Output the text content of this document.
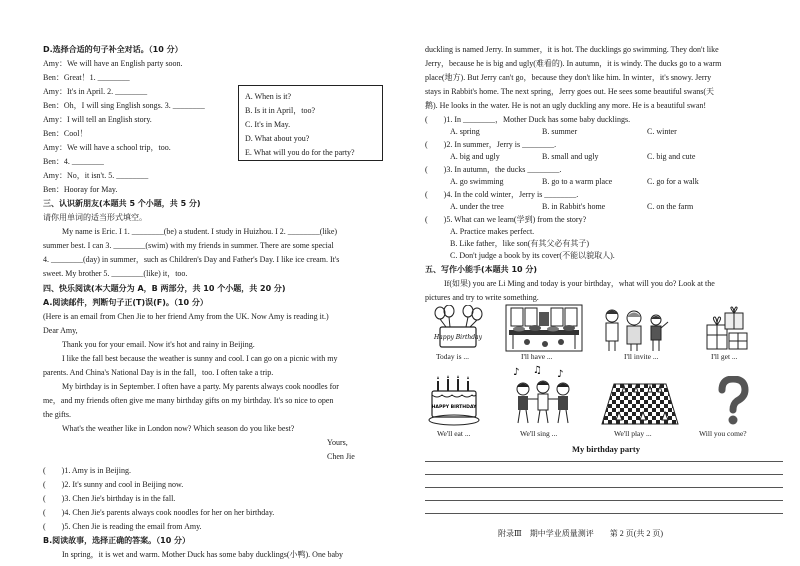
D.选择合适的句子补全对话。（10 分）
Amy：We will have an English party soon.
Ben：Great！1. ________
Amy：It's in April. 2. ________
Ben：Oh，I will sing English songs. 3. ________
Amy：I will tell an English story.
Ben：Cool！
Amy：We will have a school trip，too.
Ben：4. ________
Amy：No，it isn't. 5. ________
Ben：Hooray for May.
A. When is it?
B. Is it in April，too?
C. It's in May.
D. What about you?
E. What will you do for the party?
三、认识新朋友(本题共 5 个小题，共 5 分)
请你用单词的适当形式填空。
My name is Eric. I 1. ________(be) a student. I study in Huizhou. I 2. ________(like)
summer best. I can 3. ________(swim) with my friends in summer. There are some special
4. ________(day) in summer，such as Children's Day and Father's Day. I like ice cream. It's
sweet. My brother 5. ________(like) it，too.
四、快乐阅读(本大题分为 A，B 两部分，共 10 个小题，共 20 分)
A.阅读邮件，判断句子正(T)误(F)。（10 分）
(Here is an email from Chen Jie to her friend Amy from the UK. Now Amy is reading it.)
Dear Amy,
Thank you for your email. Now it's hot and rainy in Beijing.
I like the fall best because the weather is sunny and cool. I can go on a picnic with my
parents. And China's National Day is in the fall，too. I often take a trip.
My birthday is in September. I often have a party. My parents always cook noodles for
me，and my friends often give me many birthday gifts on my birthday. It's so nice to open
the gifts.
What's the weather like in London now? Which season do you like best?
Yours,
Chen Jie
(　　)1. Amy is in Beijing.
(　　)2. It's sunny and cool in Beijing now.
(　　)3. Chen Jie's birthday is in the fall.
(　　)4. Chen Jie's parents always cook noodles for her on her birthday.
(　　)5. Chen Jie is reading the email from Amy.
B.阅读故事，选择正确的答案。（10 分）
In spring，it is wet and warm. Mother Duck has some baby ducklings(小鸭). One baby
duckling is named Jerry. In summer，it is hot. The ducklings go swimming. They don't like
Jerry，because he is big and ugly(难看的). In autumn，it is windy. The ducks go to a warm
place(地方). But Jerry can't go，because they don't like him. In winter，it's snowy. Jerry
stays in Rabbit's home. The next spring，Jerry goes out. He sees some beautiful swans(天
鹅). He looks in the water. He is not an ugly duckling any more. He is a beautiful swan!
(　　)1. In ________，Mother Duck has some baby ducklings.
A. spring	B. summer	C. winter
(　　)2. In summer，Jerry is ________.
A. big and ugly	B. small and ugly	C. big and cute
(　　)3. In autumn，the ducks ________.
A. go swimming	B. go to a warm place	C. go for a walk
(　　)4. In the cold winter，Jerry is ________.
A. under the tree	B. in Rabbit's home	C. on the farm
(　　)5. What can we learn(学到) from the story?
A. Practice makes perfect.
B. Like father，like son(有其父必有其子)
C. Don't judge a book by its cover(不能以貌取人).
五、写作小能手(本题共 10 分)
If(如果) you are Li Ming and today is your birthday，what will you do? Look at the
pictures and try to write something.
Happy Birthday
Today is ...	I'll have ...	I'll invite ...	I'll get ...
HAPPY BIRTHDAY
♪ ♫ ♪
We'll eat ...	We'll sing ...	We'll play ...	Will you come?
My birthday party
附录Ⅲ　期中学业质量测评　　第 2 页(共 2 页)
